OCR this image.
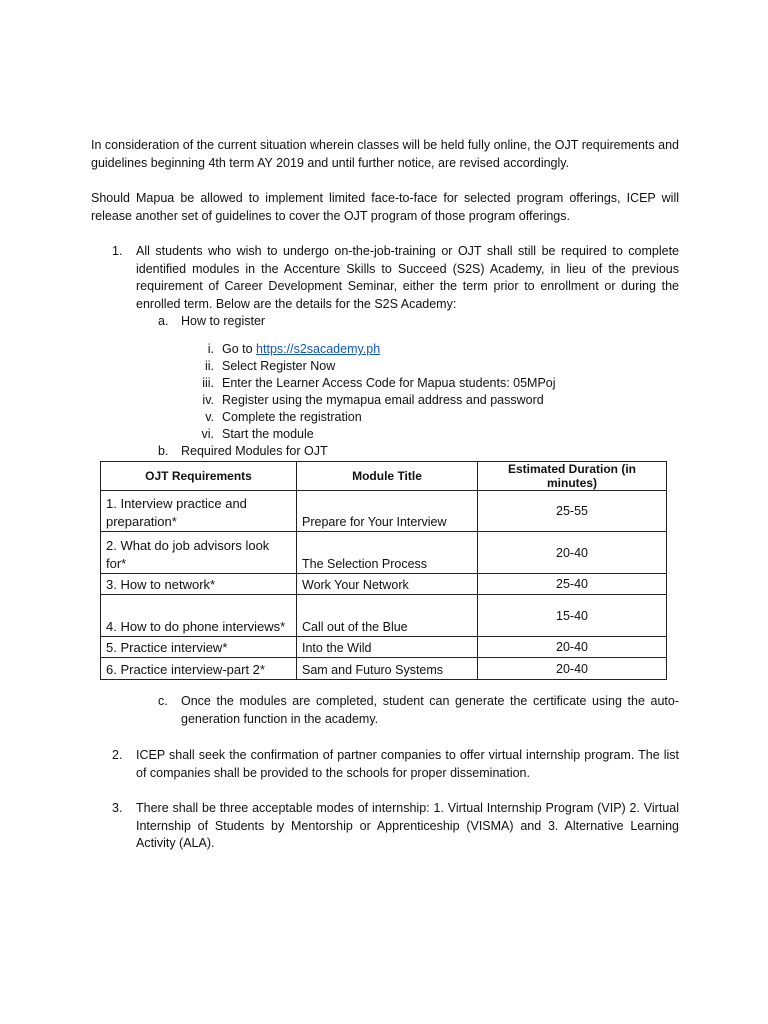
In consideration of the current situation wherein classes will be held fully online, the OJT requirements and guidelines beginning 4th term AY 2019 and until further notice, are revised accordingly.

Should Mapua be allowed to implement limited face-to-face for selected program offerings, ICEP will release another set of guidelines to cover the OJT program of those program offerings.

1. All students who wish to undergo on-the-job-training or OJT shall still be required to complete identified modules in the Accenture Skills to Succeed (S2S) Academy, in lieu of the previous requirement of Career Development Seminar, either the term prior to enrollment or during the enrolled term. Below are the details for the S2S Academy:
a. How to register
i. Go to https://s2sacademy.ph
ii. Select Register Now
iii. Enter the Learner Access Code for Mapua students: 05MPoj
iv. Register using the mymapua email address and password
v. Complete the registration
vi. Start the module
b. Required Modules for OJT
OJT Requirements	Module Title	Estimated Duration (in minutes)
1. Interview practice and preparation*	Prepare for Your Interview	25-55
2. What do job advisors look for*	The Selection Process	20-40
3. How to network*	Work Your Network	25-40
4. How to do phone interviews*	Call out of the Blue	15-40
5. Practice interview*	Into the Wild	20-40
6. Practice interview-part 2*	Sam and Futuro Systems	20-40
c. Once the modules are completed, student can generate the certificate using the auto-generation function in the academy.
2. ICEP shall seek the confirmation of partner companies to offer virtual internship program. The list of companies shall be provided to the schools for proper dissemination.
3. There shall be three acceptable modes of internship: 1. Virtual Internship Program (VIP) 2. Virtual Internship of Students by Mentorship or Apprenticeship (VISMA) and 3. Alternative Learning Activity (ALA).
